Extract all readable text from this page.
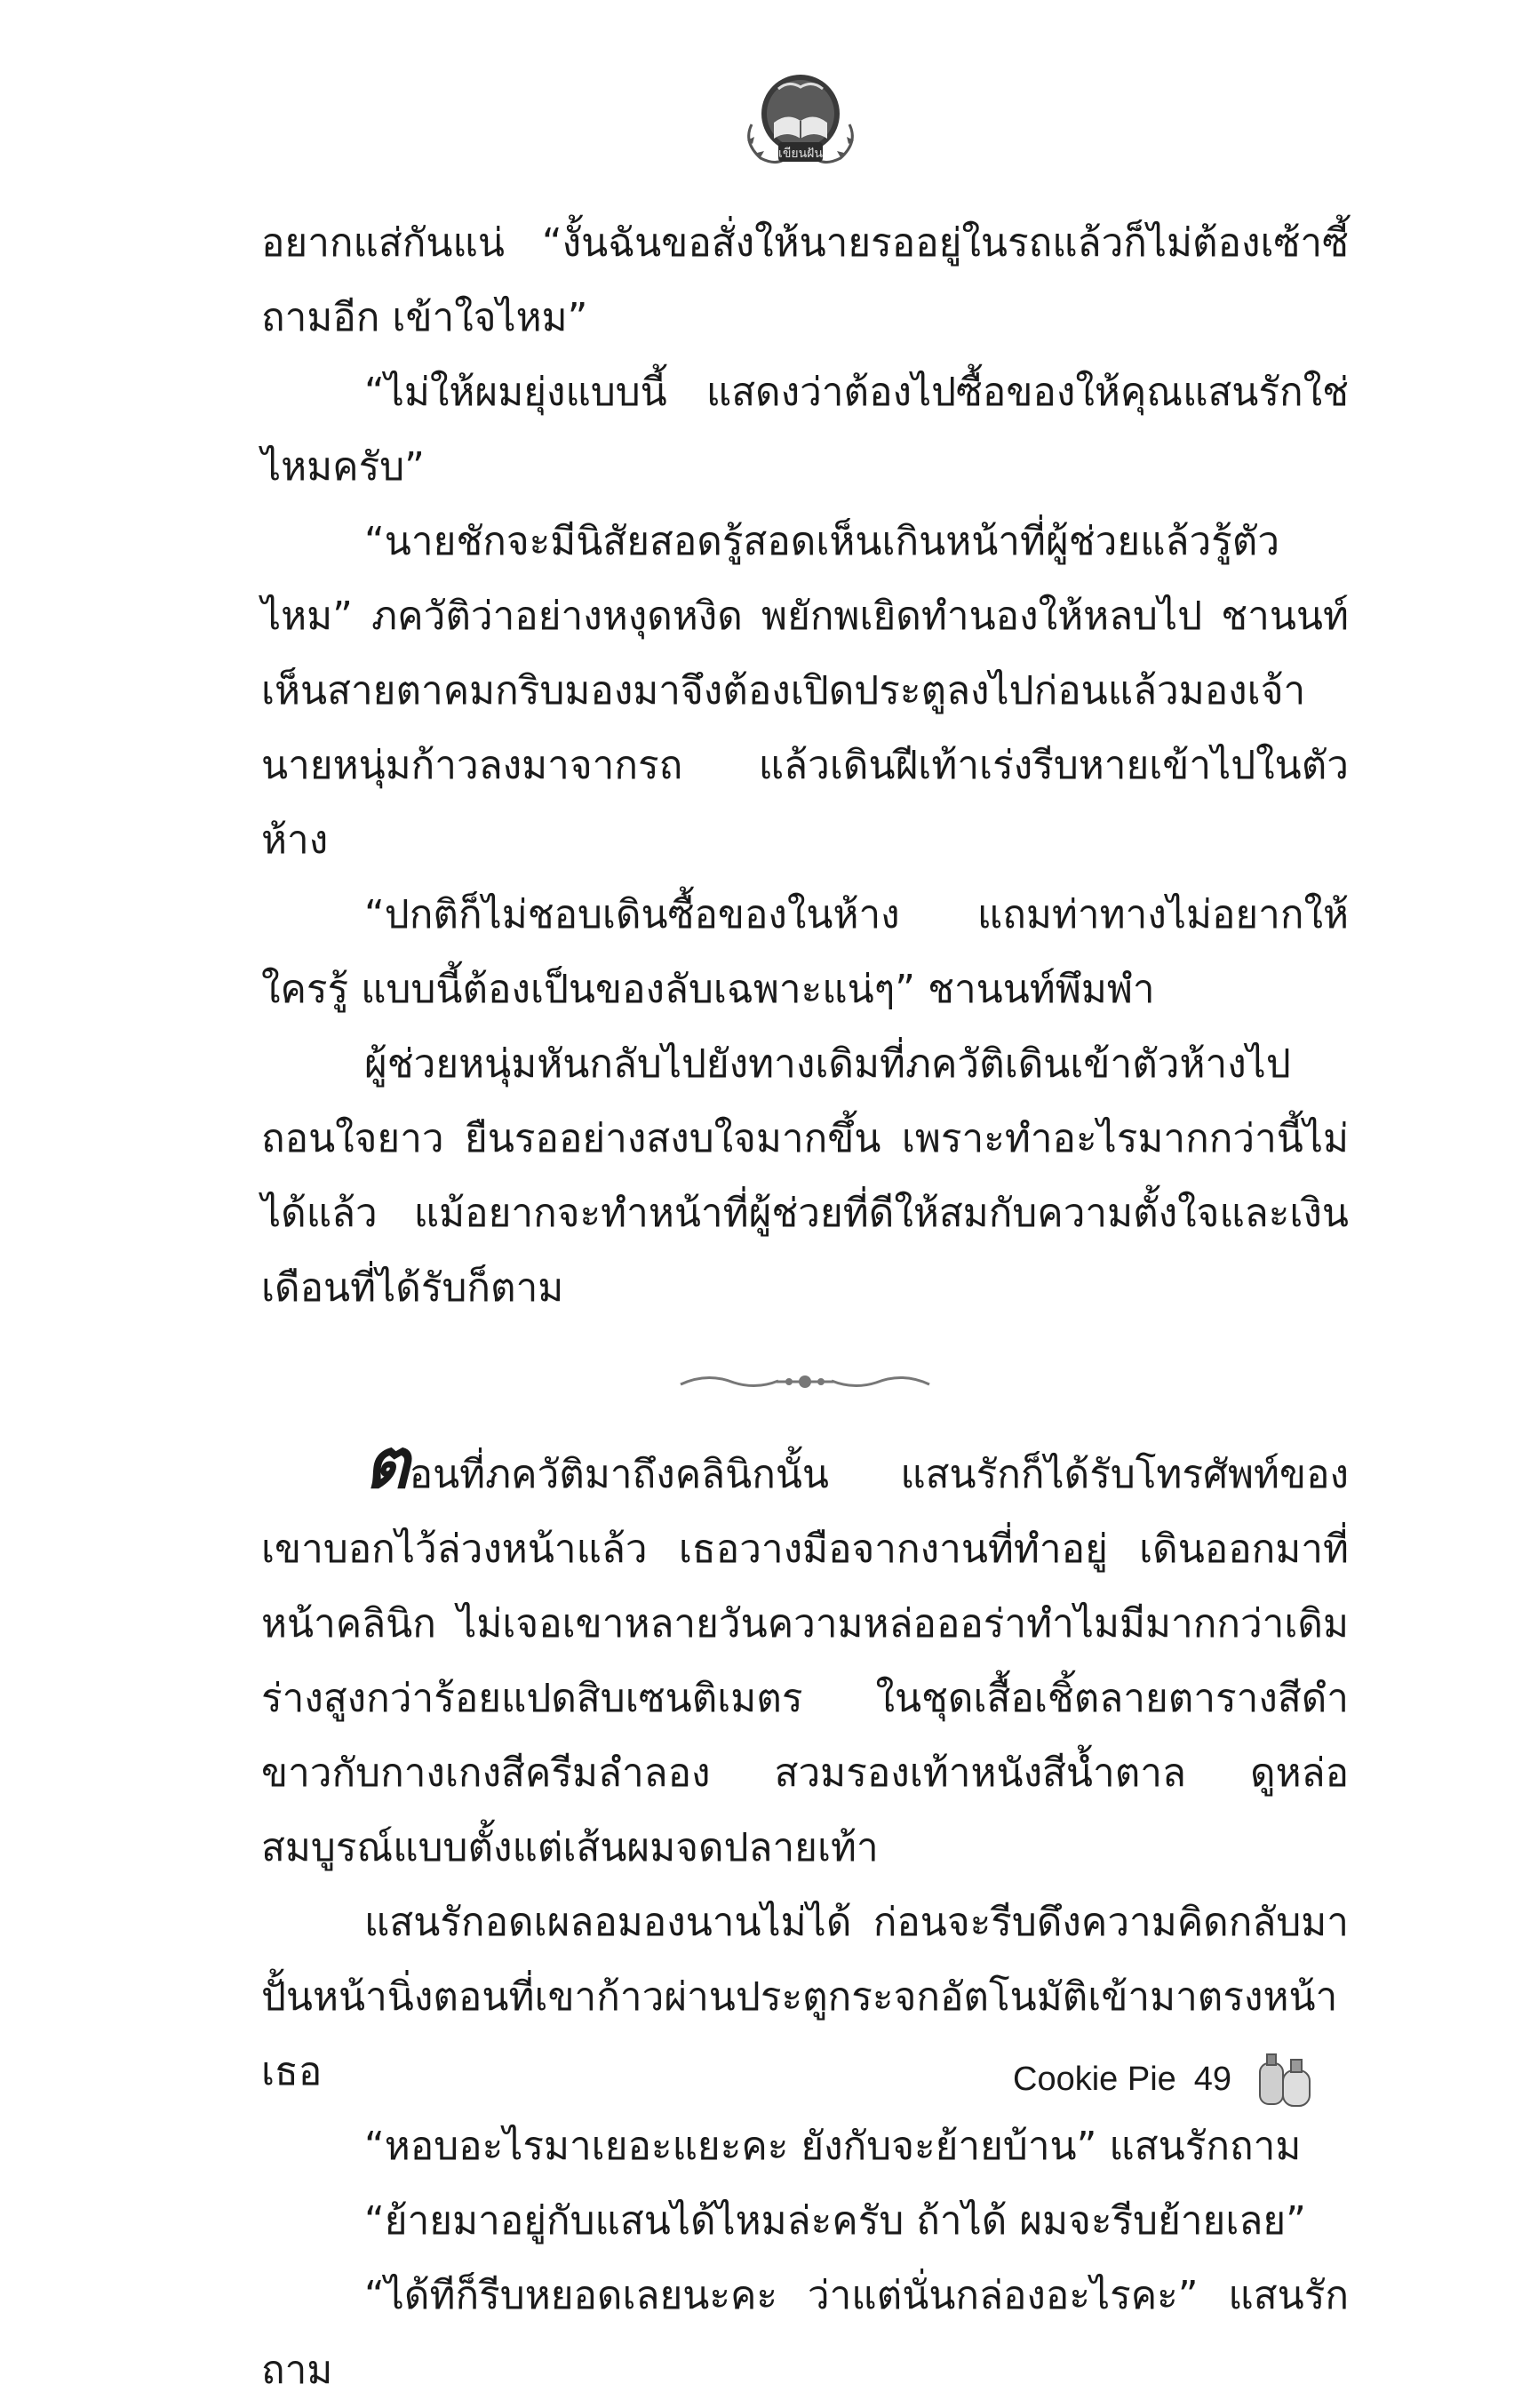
เขียนฝัน

อยากแส่กันแน่ “งั้นฉันขอสั่งให้นายรออยู่ในรถแล้วก็ไม่ต้องเซ้าซี้ถามอีก เข้าใจไหม”

“ไม่ให้ผมยุ่งแบบนี้ แสดงว่าต้องไปซื้อของให้คุณแสนรักใช่ไหมครับ”

“นายชักจะมีนิสัยสอดรู้สอดเห็นเกินหน้าที่ผู้ช่วยแล้วรู้ตัวไหม” ภควัติว่าอย่างหงุดหงิด พยักพเยิดทำนองให้หลบไป ชานนท์เห็นสายตาคมกริบมองมาจึงต้องเปิดประตูลงไปก่อนแล้วมองเจ้านายหนุ่มก้าวลงมาจากรถ แล้วเดินฝีเท้าเร่งรีบหายเข้าไปในตัวห้าง

“ปกติก็ไม่ชอบเดินซื้อของในห้าง แถมท่าทางไม่อยากให้ใครรู้ แบบนี้ต้องเป็นของลับเฉพาะแน่ๆ” ชานนท์พึมพำ

ผู้ช่วยหนุ่มหันกลับไปยังทางเดิมที่ภควัติเดินเข้าตัวห้างไป ถอนใจยาว ยืนรออย่างสงบใจมากขึ้น เพราะทำอะไรมากกว่านี้ไม่ได้แล้ว แม้อยากจะทำหน้าที่ผู้ช่วยที่ดีให้สมกับความตั้งใจและเงินเดือนที่ได้รับก็ตาม

ตอนที่ภควัติมาถึงคลินิกนั้น แสนรักก็ได้รับโทรศัพท์ของเขาบอกไว้ล่วงหน้าแล้ว เธอวางมือจากงานที่ทำอยู่ เดินออกมาที่หน้าคลินิก ไม่เจอเขาหลายวันความหล่อออร่าทำไมมีมากกว่าเดิม ร่างสูงกว่าร้อยแปดสิบเซนติเมตร ในชุดเสื้อเชิ้ตลายตารางสีดำขาวกับกางเกงสีครีมลำลอง สวมรองเท้าหนังสีน้ำตาล ดูหล่อสมบูรณ์แบบตั้งแต่เส้นผมจดปลายเท้า

แสนรักอดเผลอมองนานไม่ได้ ก่อนจะรีบดึงความคิดกลับมาปั้นหน้านิ่งตอนที่เขาก้าวผ่านประตูกระจกอัตโนมัติเข้ามาตรงหน้าเธอ

“หอบอะไรมาเยอะแยะคะ ยังกับจะย้ายบ้าน” แสนรักถาม

“ย้ายมาอยู่กับแสนได้ไหมล่ะครับ ถ้าได้ ผมจะรีบย้ายเลย”

“ได้ทีก็รีบหยอดเลยนะคะ ว่าแต่นั่นกล่องอะไรคะ” แสนรักถาม

Cookie Pie 49
